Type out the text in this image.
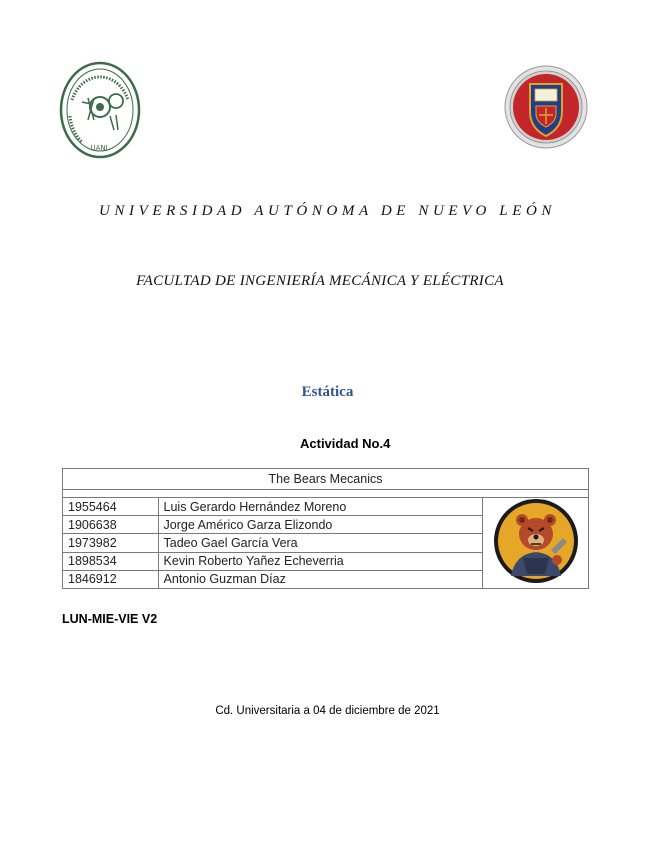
UANL
UNIVERSIDAD AUTÓNOMA DE NUEVO LEÓN
FACULTAD DE INGENIERÍA MECÁNICA Y ELÉCTRICA
Estática
Actividad No.4
The Bears Mecanics		

1955464	Luis Gerardo Hernández Moreno	
1906638	Jorge Américo Garza Elizondo	
1973982	Tadeo Gael García Vera	
1898534	Kevin Roberto Yañez Echeverria	
1846912	Antonio Guzman Díaz	
LUN-MIE-VIE V2
Cd. Universitaria a 04 de diciembre de 2021
